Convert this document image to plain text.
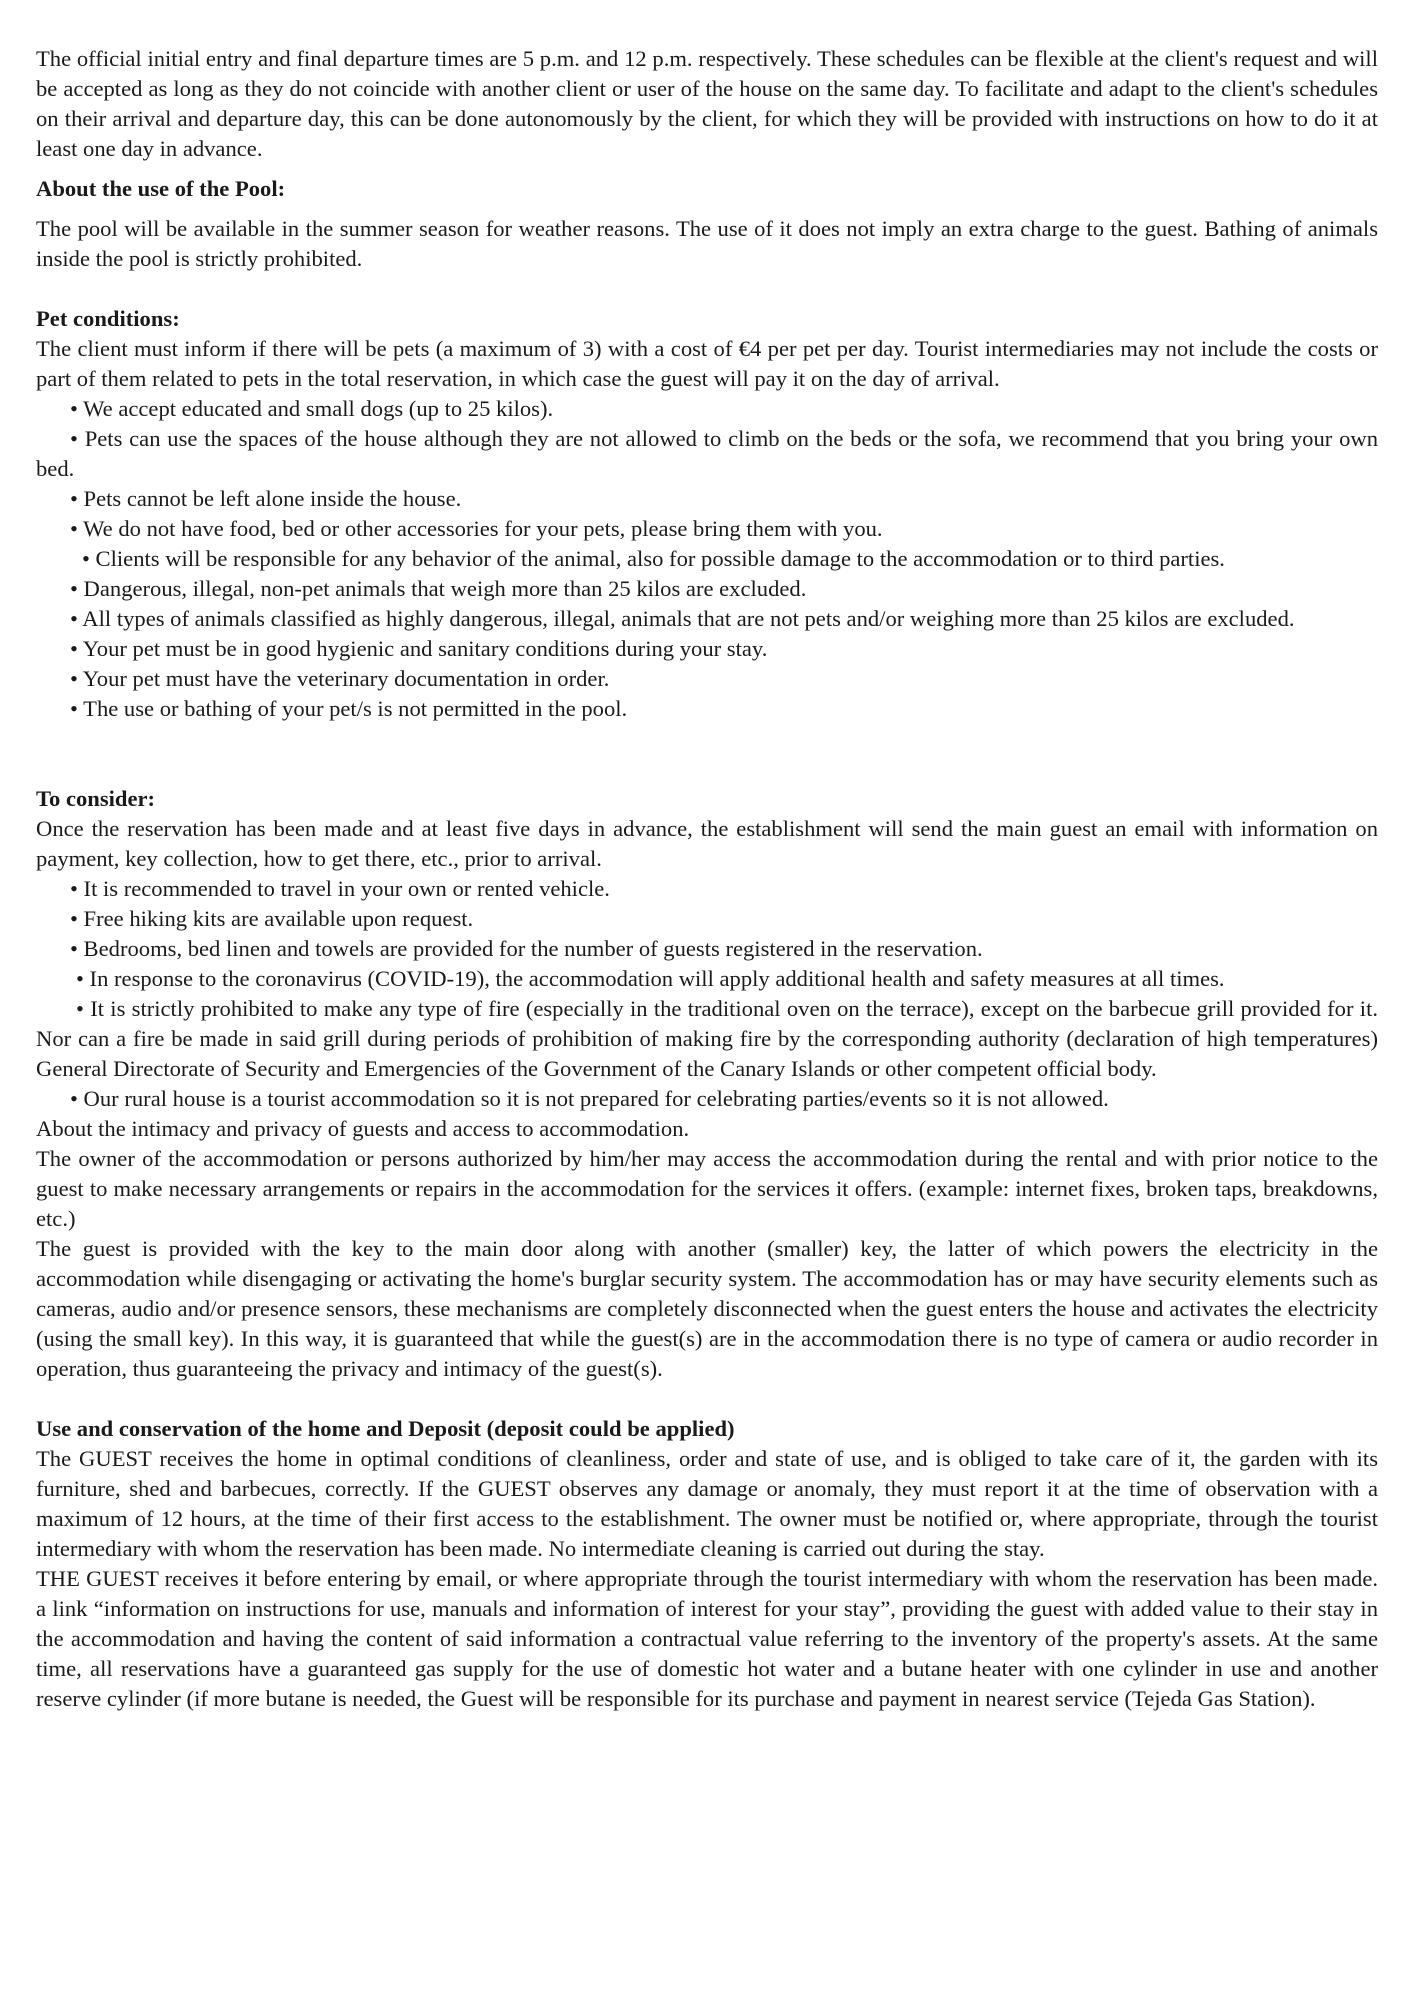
The official initial entry and final departure times are 5 p.m. and 12 p.m. respectively. These schedules can be flexible at the client's request and will be accepted as long as they do not coincide with another client or user of the house on the same day. To facilitate and adapt to the client's schedules on their arrival and departure day, this can be done autonomously by the client, for which they will be provided with instructions on how to do it at least one day in advance.

About the use of the Pool:

The pool will be available in the summer season for weather reasons. The use of it does not imply an extra charge to the guest. Bathing of animals inside the pool is strictly prohibited.

Pet conditions:

The client must inform if there will be pets (a maximum of 3) with a cost of €4 per pet per day. Tourist intermediaries may not include the costs or part of them related to pets in the total reservation, in which case the guest will pay it on the day of arrival.

• We accept educated and small dogs (up to 25 kilos).

• Pets can use the spaces of the house although they are not allowed to climb on the beds or the sofa, we recommend that you bring your own bed.

• Pets cannot be left alone inside the house.

• We do not have food, bed or other accessories for your pets, please bring them with you.

• Clients will be responsible for any behavior of the animal, also for possible damage to the accommodation or to third parties.

• Dangerous, illegal, non-pet animals that weigh more than 25 kilos are excluded.

• All types of animals classified as highly dangerous, illegal, animals that are not pets and/or weighing more than 25 kilos are excluded.

• Your pet must be in good hygienic and sanitary conditions during your stay.

• Your pet must have the veterinary documentation in order.

• The use or bathing of your pet/s is not permitted in the pool.

To consider:

Once the reservation has been made and at least five days in advance, the establishment will send the main guest an email with information on payment, key collection, how to get there, etc., prior to arrival.

• It is recommended to travel in your own or rented vehicle.

• Free hiking kits are available upon request.

• Bedrooms, bed linen and towels are provided for the number of guests registered in the reservation.

• In response to the coronavirus (COVID-19), the accommodation will apply additional health and safety measures at all times.

• It is strictly prohibited to make any type of fire (especially in the traditional oven on the terrace), except on the barbecue grill provided for it. Nor can a fire be made in said grill during periods of prohibition of making fire by the corresponding authority (declaration of high temperatures) General Directorate of Security and Emergencies of the Government of the Canary Islands or other competent official body.

• Our rural house is a tourist accommodation so it is not prepared for celebrating parties/events so it is not allowed.

About the intimacy and privacy of guests and access to accommodation.

The owner of the accommodation or persons authorized by him/her may access the accommodation during the rental and with prior notice to the guest to make necessary arrangements or repairs in the accommodation for the services it offers. (example: internet fixes, broken taps, breakdowns, etc.)

The guest is provided with the key to the main door along with another (smaller) key, the latter of which powers the electricity in the accommodation while disengaging or activating the home's burglar security system. The accommodation has or may have security elements such as cameras, audio and/or presence sensors, these mechanisms are completely disconnected when the guest enters the house and activates the electricity (using the small key). In this way, it is guaranteed that while the guest(s) are in the accommodation there is no type of camera or audio recorder in operation, thus guaranteeing the privacy and intimacy of the guest(s).

Use and conservation of the home and Deposit (deposit could be applied)

The GUEST receives the home in optimal conditions of cleanliness, order and state of use, and is obliged to take care of it, the garden with its furniture, shed and barbecues, correctly. If the GUEST observes any damage or anomaly, they must report it at the time of observation with a maximum of 12 hours, at the time of their first access to the establishment. The owner must be notified or, where appropriate, through the tourist intermediary with whom the reservation has been made. No intermediate cleaning is carried out during the stay.

THE GUEST receives it before entering by email, or where appropriate through the tourist intermediary with whom the reservation has been made. a link “information on instructions for use, manuals and information of interest for your stay”, providing the guest with added value to their stay in the accommodation and having the content of said information a contractual value referring to the inventory of the property's assets. At the same time, all reservations have a guaranteed gas supply for the use of domestic hot water and a butane heater with one cylinder in use and another reserve cylinder (if more butane is needed, the Guest will be responsible for its purchase and payment in nearest service (Tejeda Gas Station).
